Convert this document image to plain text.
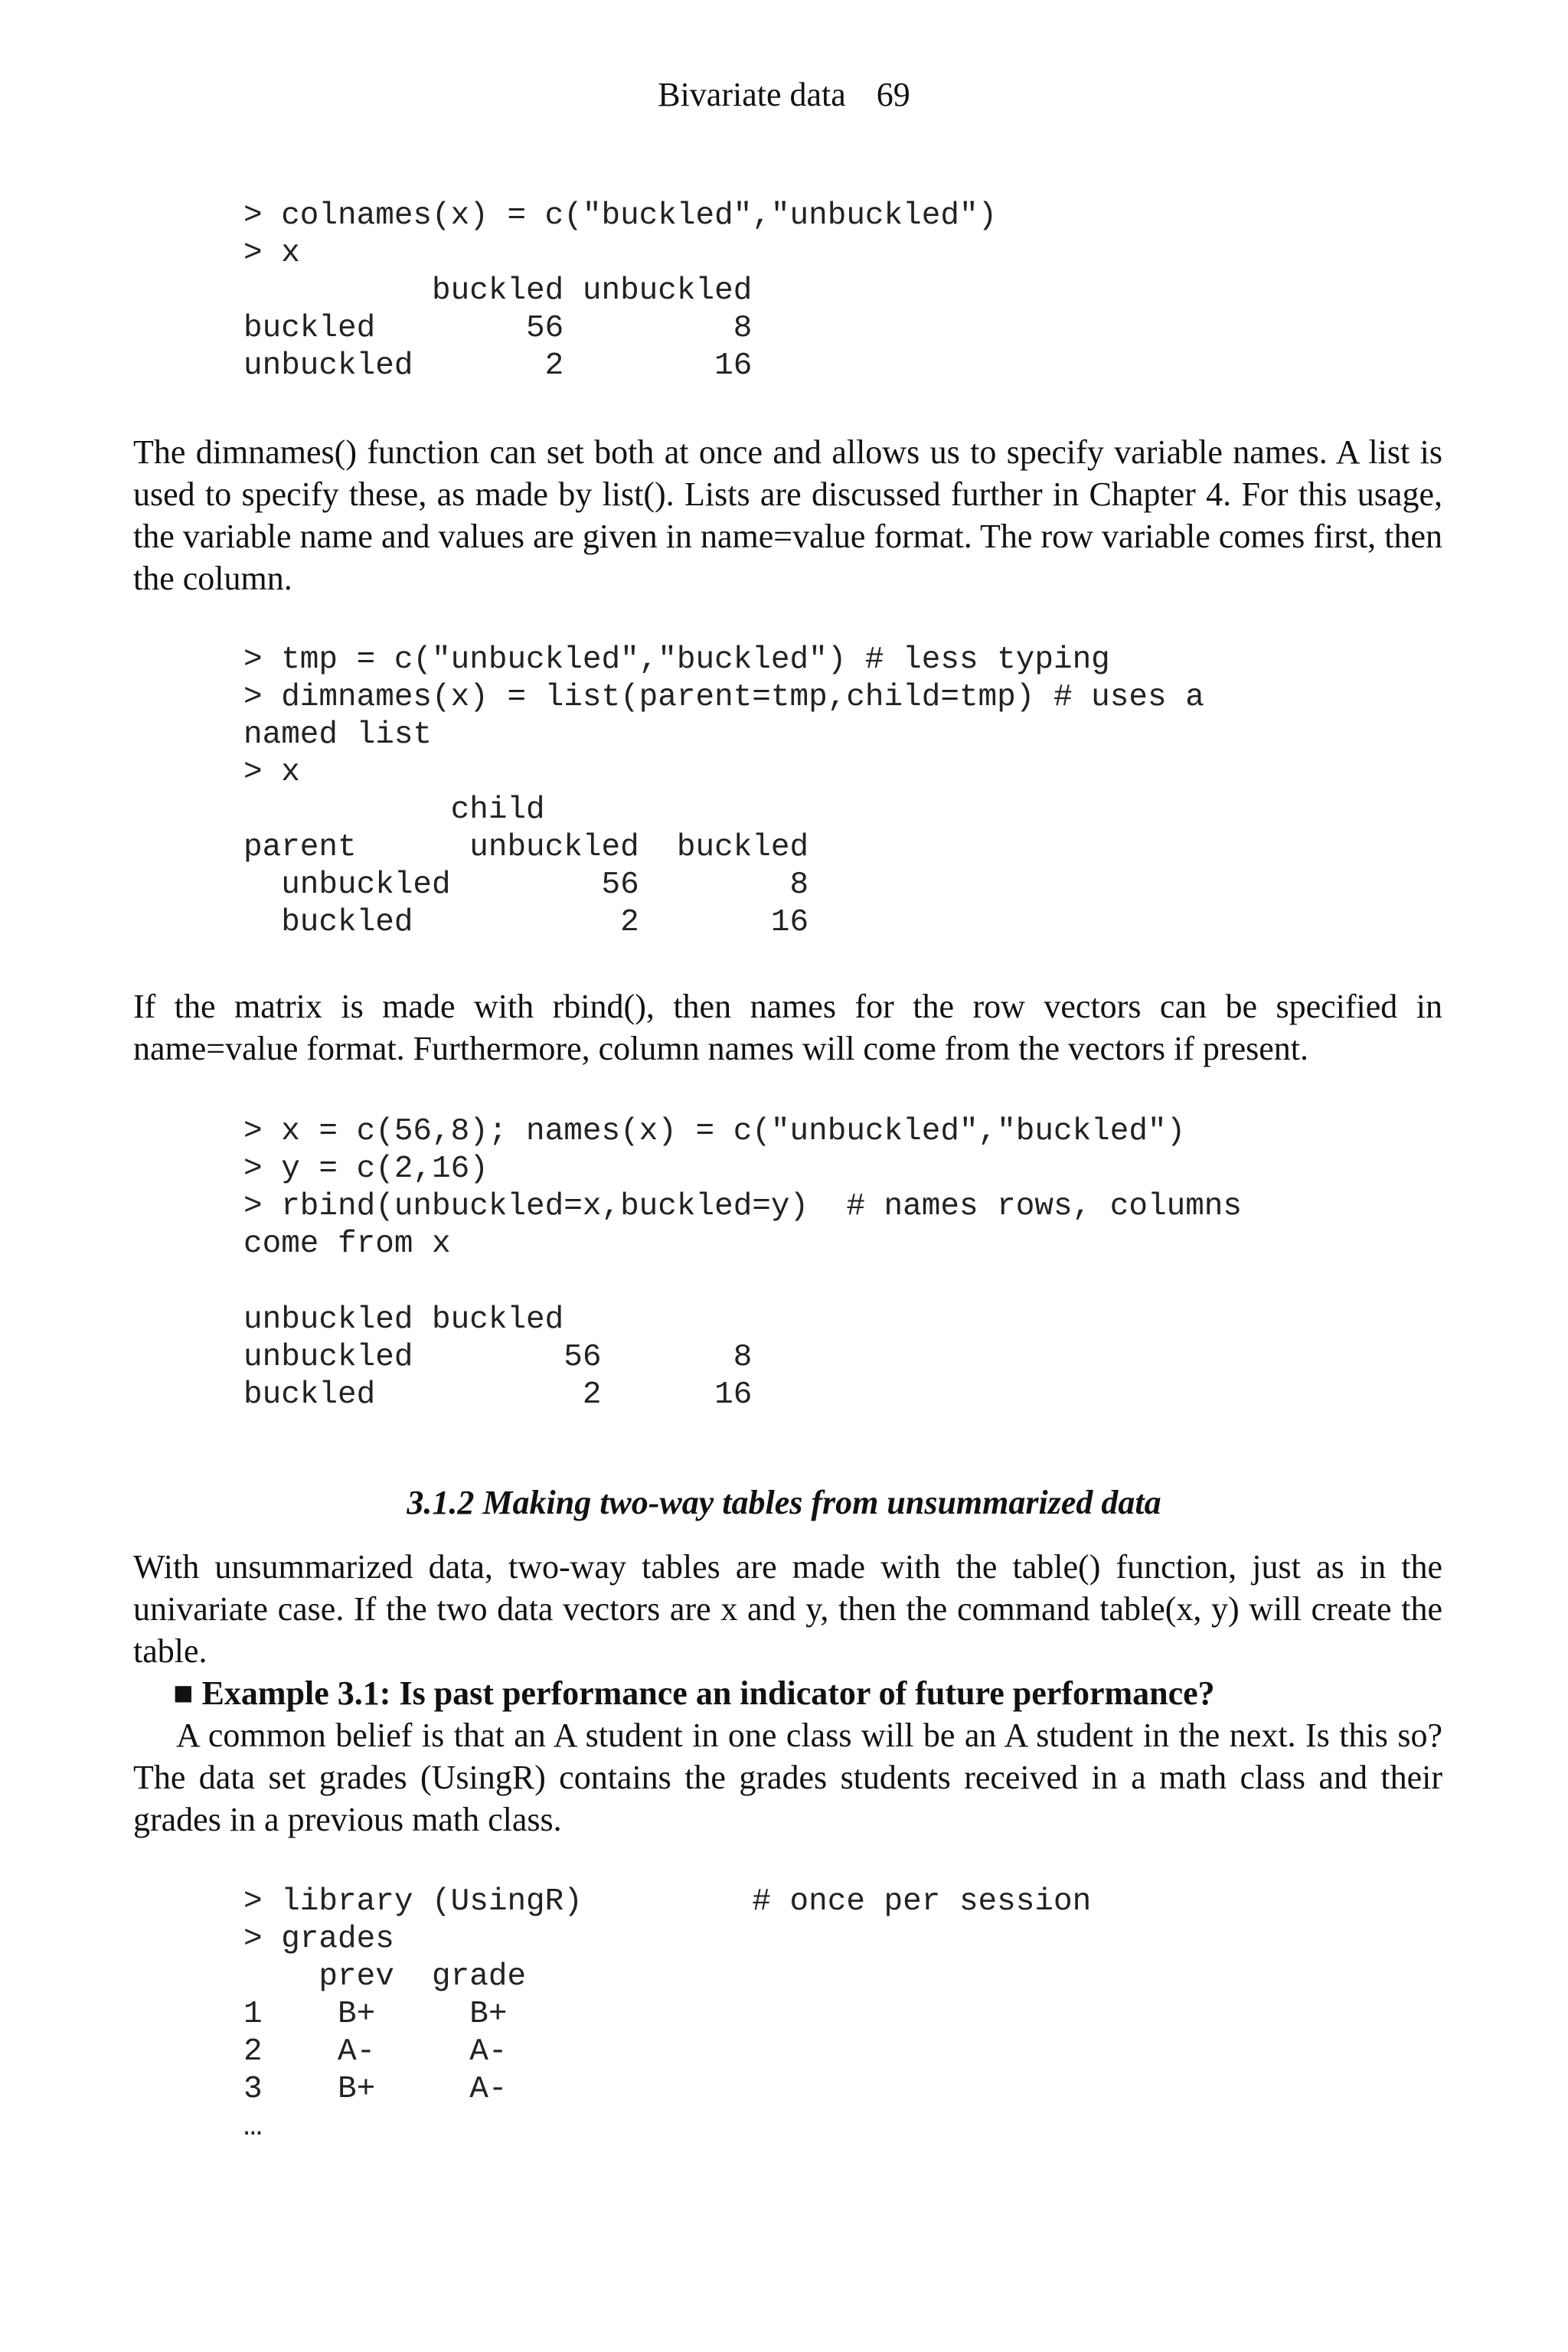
Bivariate data 69
> colnames(x) = c("buckled","unbuckled")
> x
buckled unbuckled
buckled        56         8
unbuckled       2        16

The dimnames() function can set both at once and allows us to specify variable names. A list is used to specify these, as made by list(). Lists are discussed further in Chapter 4. For this usage, the variable name and values are given in name=value format. The row variable comes first, then the column.

> tmp = c("unbuckled","buckled") # less typing
> dimnames(x) = list(parent=tmp,child=tmp) # uses a
named list
> x
child
parent      unbuckled  buckled
unbuckled        56        8
buckled           2       16

If the matrix is made with rbind(), then names for the row vectors can be specified in name=value format. Furthermore, column names will come from the vectors if present.

> x = c(56,8); names(x) = c("unbuckled","buckled")
> y = c(2,16)
> rbind(unbuckled=x,buckled=y)  # names rows, columns
come from x
unbuckled buckled
unbuckled        56       8
buckled           2      16
3.1.2 Making two-way tables from unsummarized data

With unsummarized data, two-way tables are made with the table() function, just as in the univariate case. If the two data vectors are x and y, then the command table(x, y) will create the table.

■ Example 3.1: Is past performance an indicator of future performance?

A common belief is that an A student in one class will be an A student in the next. Is this so? The data set grades (UsingR) contains the grades students received in a math class and their grades in a previous math class.

> library (UsingR)         # once per session
> grades
prev  grade
1    B+     B+
2    A-     A-
3    B+     A-
…
